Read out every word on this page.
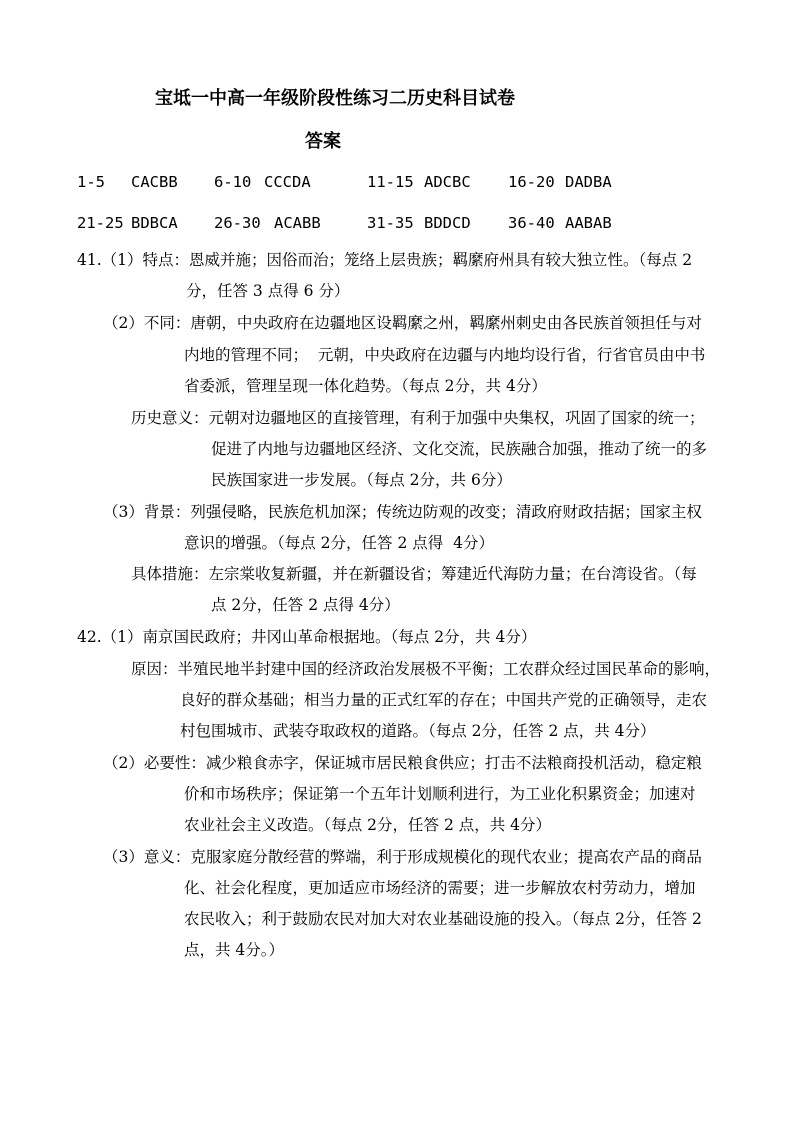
宝坻一中高一年级阶段性练习二历史科目试卷
答案
1-5 CACBB 6-10 CCCDA	11-15 ADCBC 16-20 DADBA
21-25 BDBCA 26-30 ACABB	31-35 BDDCD 36-40 AABAB
41.（1）特点：恩威并施；因俗而治；笼络上层贵族；羁縻府州具有较大独立性。（每点 2
分，任答 3 点得 6 分）
（2）不同：唐朝，中央政府在边疆地区设羁縻之州，羁縻州刺史由各民族首领担任与对
内地的管理不同；  元朝，中央政府在边疆与内地均设行省，行省官员由中书
省委派，管理呈现一体化趋势。（每点 2分，共 4分）
历史意义：元朝对边疆地区的直接管理，有利于加强中央集权，巩固了国家的统一；
促进了内地与边疆地区经济、文化交流，民族融合加强，推动了统一的多
民族国家进一步发展。（每点 2分，共 6分）
（3）背景：列强侵略，民族危机加深；传统边防观的改变；清政府财政拮据；国家主权
意识的增强。（每点 2分，任答 2 点得  4分）
具体措施：左宗棠收复新疆，并在新疆设省；筹建近代海防力量；在台湾设省。（每
点 2分，任答 2 点得 4分）
42.（1）南京国民政府；井冈山革命根据地。（每点 2分，共 4分）
原因：半殖民地半封建中国的经济政治发展极不平衡；工农群众经过国民革命的影响，
良好的群众基础；相当力量的正式红军的存在；中国共产党的正确领导，走农
村包围城市、武装夺取政权的道路。（每点 2分，任答 2 点，共 4分）
（2）必要性：减少粮食赤字，保证城市居民粮食供应；打击不法粮商投机活动，稳定粮
价和市场秩序；保证第一个五年计划顺利进行，为工业化积累资金；加速对
农业社会主义改造。（每点 2分，任答 2 点，共 4分）
（3）意义：克服家庭分散经营的弊端，利于形成规模化的现代农业；提高农产品的商品
化、社会化程度，更加适应市场经济的需要；进一步解放农村劳动力，增加
农民收入；利于鼓励农民对加大对农业基础设施的投入。（每点 2分，任答 2
点，共 4分。）
